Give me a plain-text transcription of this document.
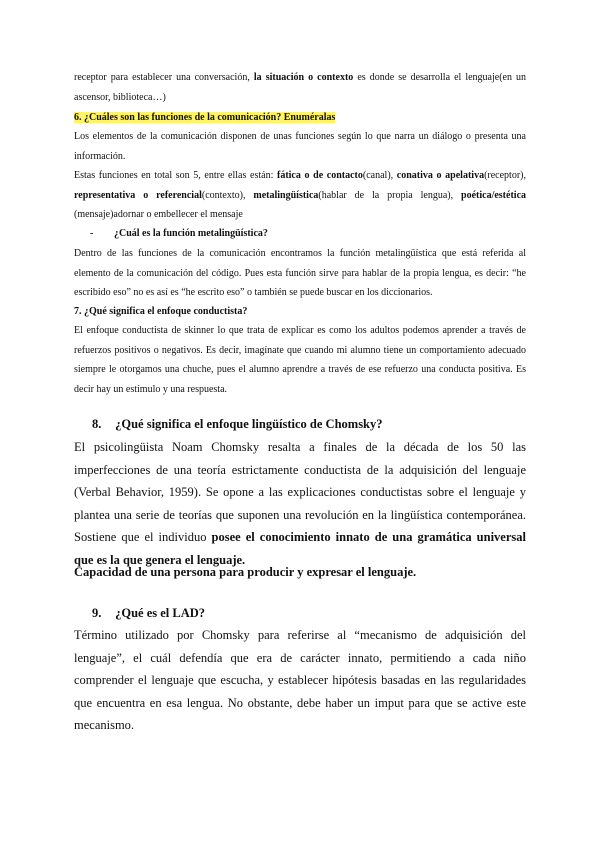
receptor para establecer una conversación, la situación o contexto es donde se desarrolla el lenguaje(en un ascensor, biblioteca…)
6. ¿Cuáles son las funciones de la comunicación? Enuméralas
Los elementos de la comunicación disponen de unas funciones según lo que narra un diálogo o presenta una información.
Estas funciones en total son 5, entre ellas están: fática o de contacto(canal), conativa o apelativa(receptor), representativa o referencial(contexto), metalingüística(hablar de la propia lengua), poética/estética (mensaje)adornar o embellecer el mensaje
- ¿Cuál es la función metalingüística?
Dentro de las funciones de la comunicación encontramos la función metalingüística que está referida al elemento de la comunicación del código. Pues esta función sirve para hablar de la propia lengua, es decir: “he escribido eso” no es así es “he escrito eso” o también se puede buscar en los diccionarios.
7. ¿Qué significa el enfoque conductista?
El enfoque conductista de skinner lo que trata de explicar es como los adultos podemos aprender a través de refuerzos positivos o negativos. Es decir, imagínate que cuando mi alumno tiene un comportamiento adecuado siempre le otorgamos una chuche, pues el alumno aprendre a través de ese refuerzo una conducta positiva. Es decir hay un estímulo y una respuesta.
8. ¿Qué significa el enfoque lingüístico de Chomsky?
El psicolingüista Noam Chomsky resalta a finales de la década de los 50 las imperfecciones de una teoría estrictamente conductista de la adquisición del lenguaje (Verbal Behavior, 1959). Se opone a las explicaciones conductistas sobre el lenguaje y plantea una serie de teorías que suponen una revolución en la lingüística contemporánea. Sostiene que el individuo posee el conocimiento innato de una gramática universal que es la que genera el lenguaje.
Capacidad de una persona para producir y expresar el lenguaje.
9. ¿Qué es el LAD?
Término utilizado por Chomsky para referirse al “mecanismo de adquisición del lenguaje”, el cuál defendía que era de carácter innato, permitiendo a cada niño comprender el lenguaje que escucha, y establecer hipótesis basadas en las regularidades que encuentra en esa lengua. No obstante, debe haber un imput para que se active este mecanismo.
